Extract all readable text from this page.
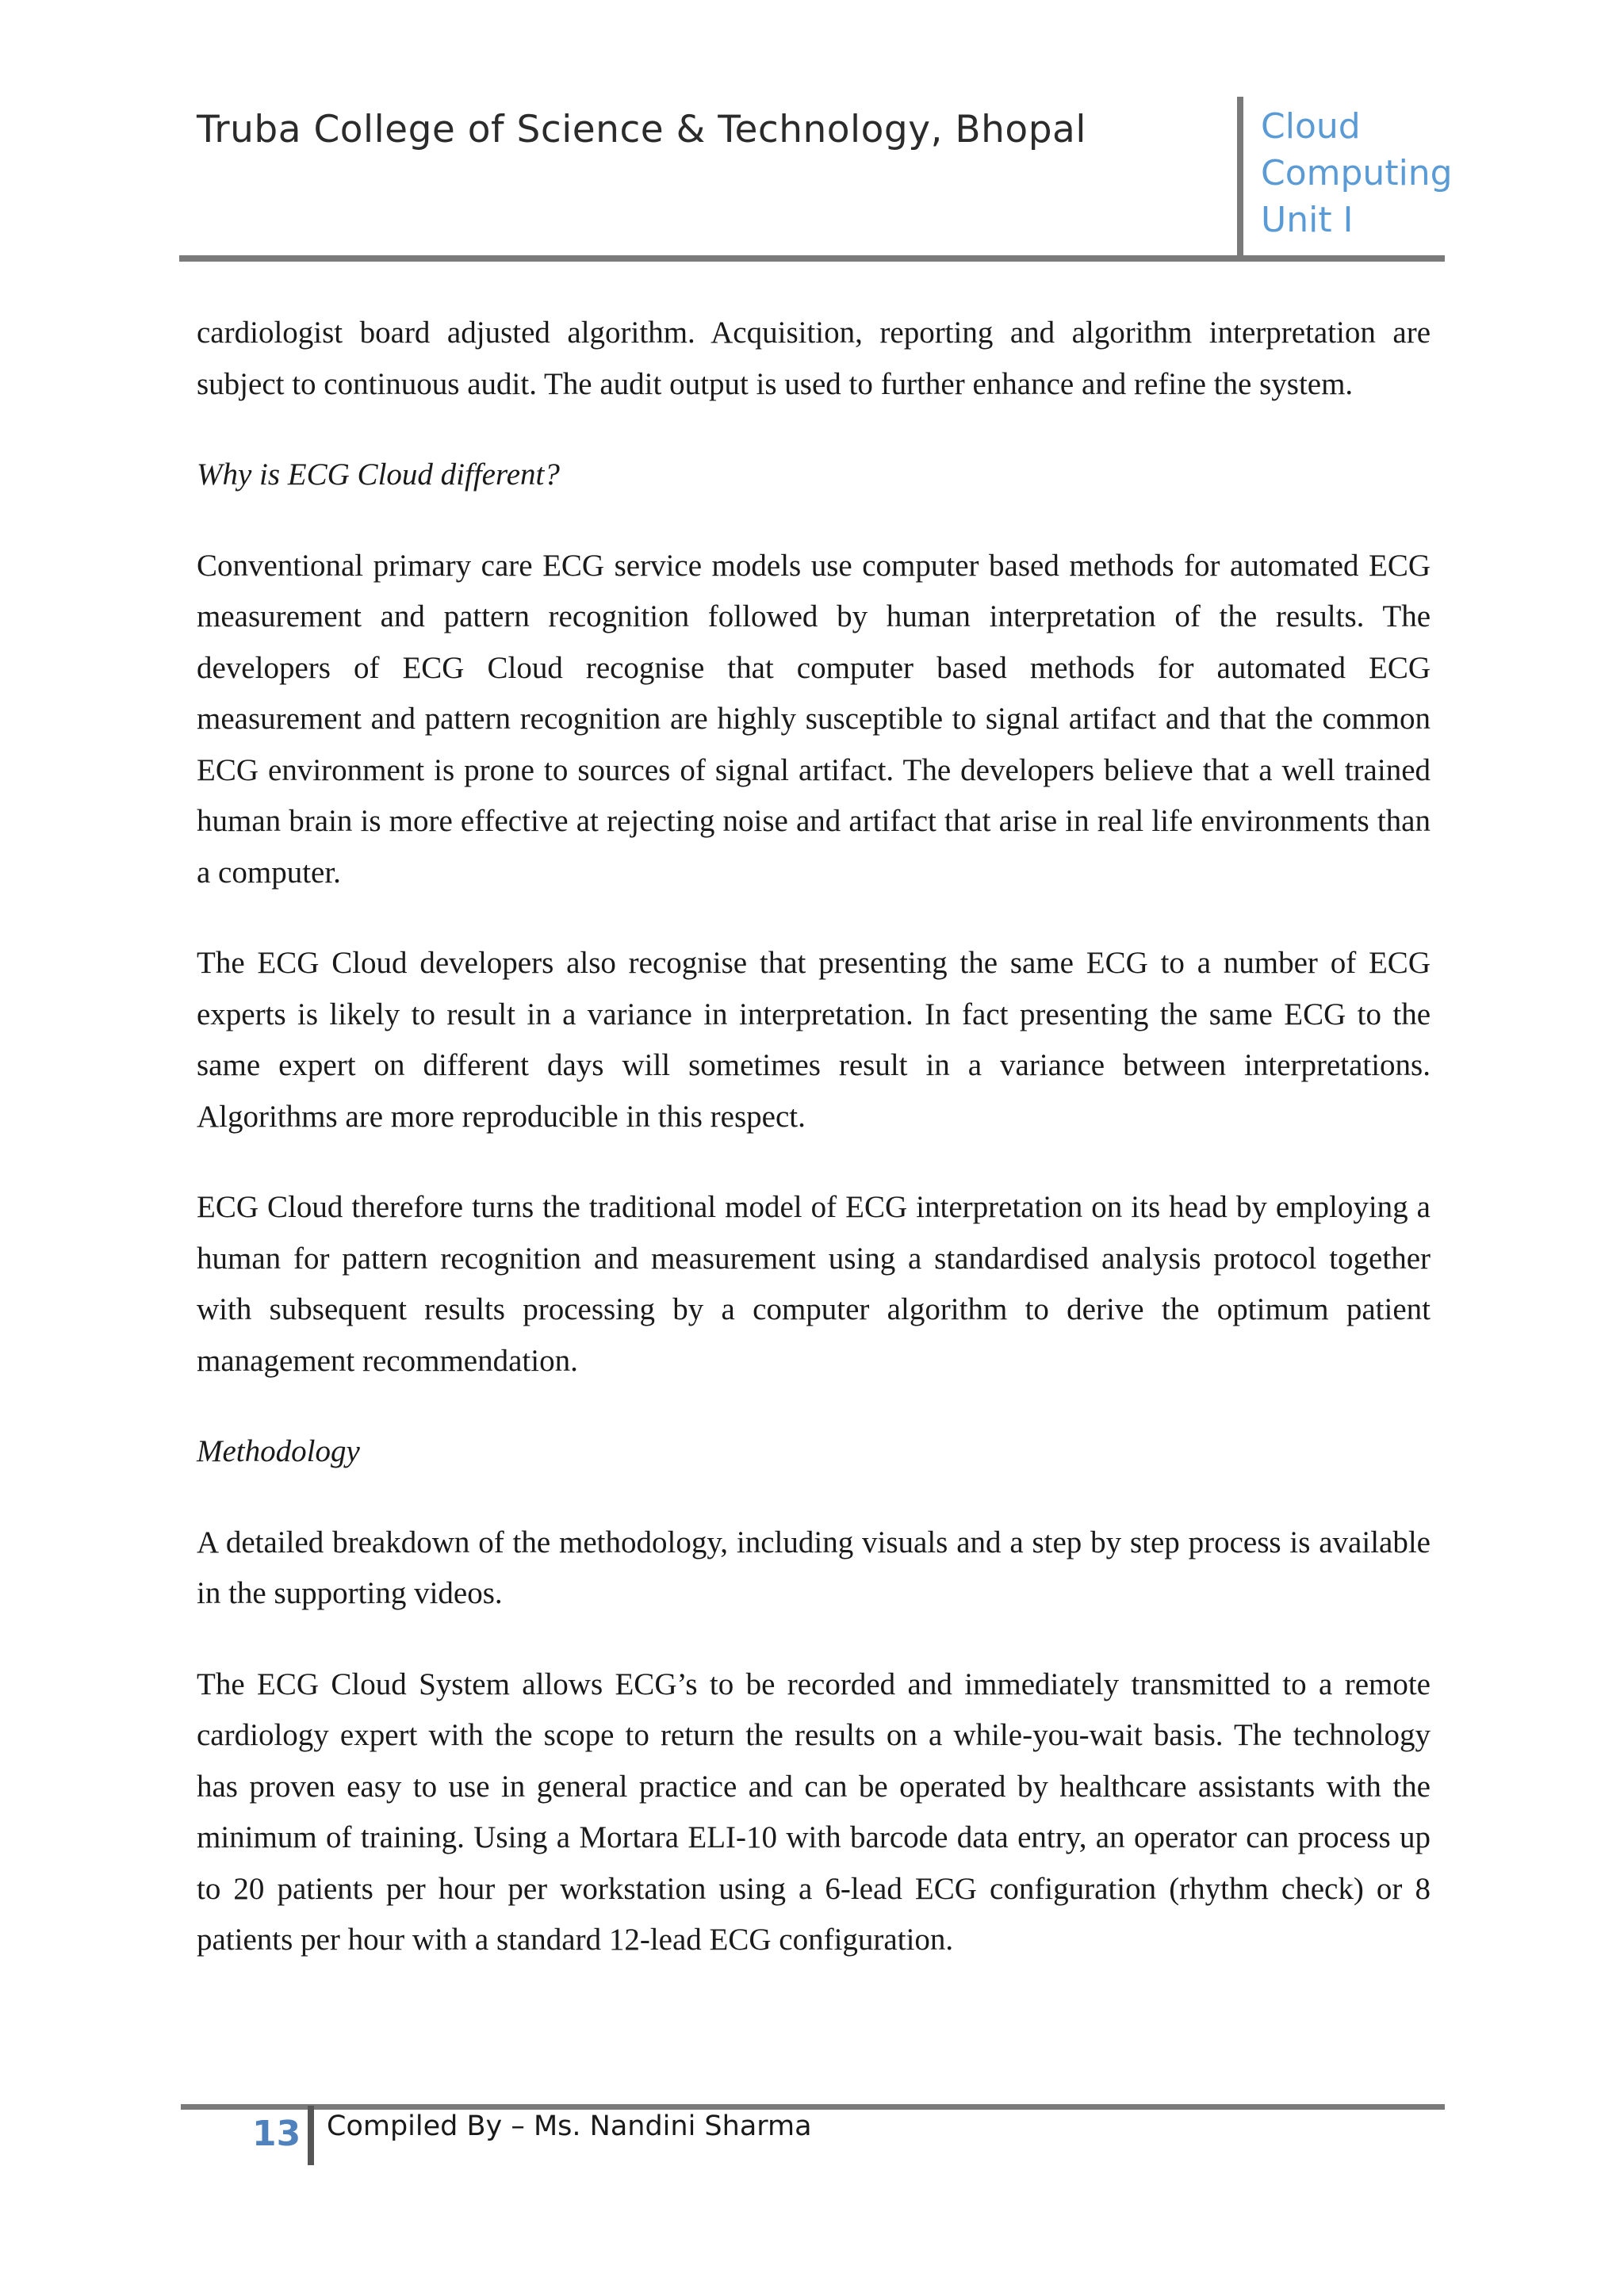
Truba College of Science & Technology, Bhopal	Cloud
Computing
Unit I

cardiologist board adjusted algorithm. Acquisition, reporting and algorithm interpretation are subject to continuous audit. The audit output is used to further enhance and refine the system.

Why is ECG Cloud different?

Conventional primary care ECG service models use computer based methods for automated ECG measurement and pattern recognition followed by human interpretation of the results. The developers of ECG Cloud recognise that computer based methods for automated ECG measurement and pattern recognition are highly susceptible to signal artifact and that the common ECG environment is prone to sources of signal artifact. The developers believe that a well trained human brain is more effective at rejecting noise and artifact that arise in real life environments than a computer.

The ECG Cloud developers also recognise that presenting the same ECG to a number of ECG experts is likely to result in a variance in interpretation. In fact presenting the same ECG to the same expert on different days will sometimes result in a variance between interpretations. Algorithms are more reproducible in this respect.

ECG Cloud therefore turns the traditional model of ECG interpretation on its head by employing a human for pattern recognition and measurement using a standardised analysis protocol together with subsequent results processing by a computer algorithm to derive the optimum patient management recommendation.

Methodology

A detailed breakdown of the methodology, including visuals and a step by step process is available in the supporting videos.

The ECG Cloud System allows ECG’s to be recorded and immediately transmitted to a remote cardiology expert with the scope to return the results on a while-you-wait basis. The technology has proven easy to use in general practice and can be operated by healthcare assistants with the minimum of training. Using a Mortara ELI-10 with barcode data entry, an operator can process up to 20 patients per hour per workstation using a 6-lead ECG configuration (rhythm check) or 8 patients per hour with a standard 12-lead ECG configuration.

13 Compiled By – Ms. Nandini Sharma
